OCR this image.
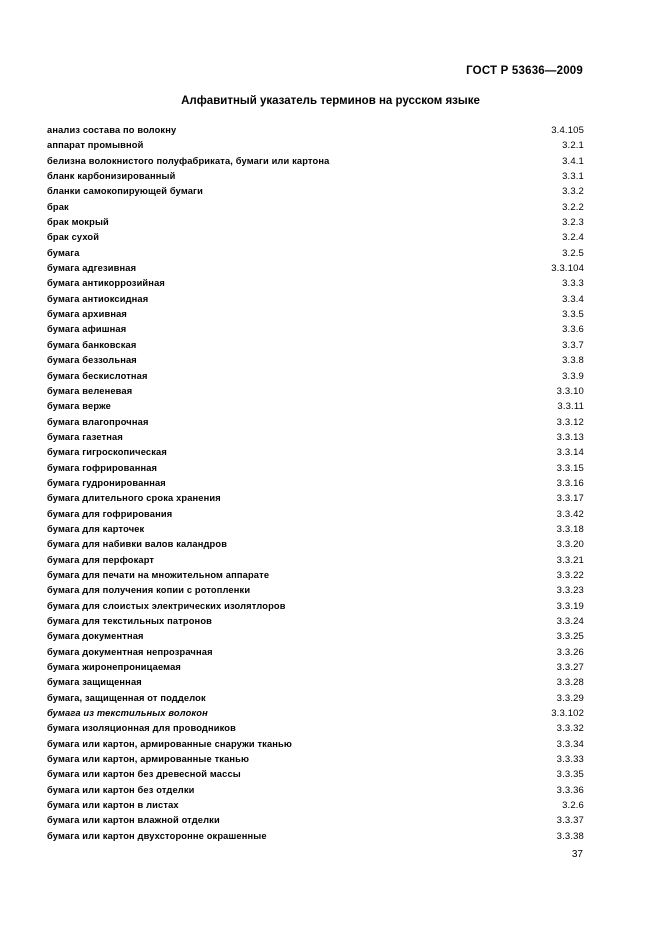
ГОСТ Р 53636—2009
Алфавитный указатель терминов на русском языке
анализ состава по волокну	3.4.105
аппарат промывной	3.2.1
белизна волокнистого полуфабриката, бумаги или картона	3.4.1
бланк карбонизированный	3.3.1
бланки самокопирующей бумаги	3.3.2
брак	3.2.2
брак мокрый	3.2.3
брак сухой	3.2.4
бумага	3.2.5
бумага адгезивная	3.3.104
бумага антикоррозийная	3.3.3
бумага антиоксидная	3.3.4
бумага архивная	3.3.5
бумага афишная	3.3.6
бумага банковская	3.3.7
бумага беззольная	3.3.8
бумага бескислотная	3.3.9
бумага веленевая	3.3.10
бумага верже	3.3.11
бумага влагопрочная	3.3.12
бумага газетная	3.3.13
бумага гигроскопическая	3.3.14
бумага гофрированная	3.3.15
бумага гудронированная	3.3.16
бумага длительного срока хранения	3.3.17
бумага для гофрирования	3.3.42
бумага для карточек	3.3.18
бумага для набивки валов каландров	3.3.20
бумага для перфокарт	3.3.21
бумага для печати на множительном аппарате	3.3.22
бумага для получения копии с ротопленки	3.3.23
бумага для слоистых электрических изолятлоров	3.3.19
бумага для текстильных патронов	3.3.24
бумага документная	3.3.25
бумага документная непрозрачная	3.3.26
бумага жиронепроницаемая	3.3.27
бумага защищенная	3.3.28
бумага, защищенная от подделок	3.3.29
бумага из текстильных волокон	3.3.102
бумага изоляционная для проводников	3.3.32
бумага или картон, армированные снаружи тканью	3.3.34
бумага или картон, армированные тканью	3.3.33
бумага или картон без древесной массы	3.3.35
бумага или картон без отделки	3.3.36
бумага или картон в листах	3.2.6
бумага или картон влажной отделки	3.3.37
бумага или картон двухсторонне окрашенные	3.3.38
37
